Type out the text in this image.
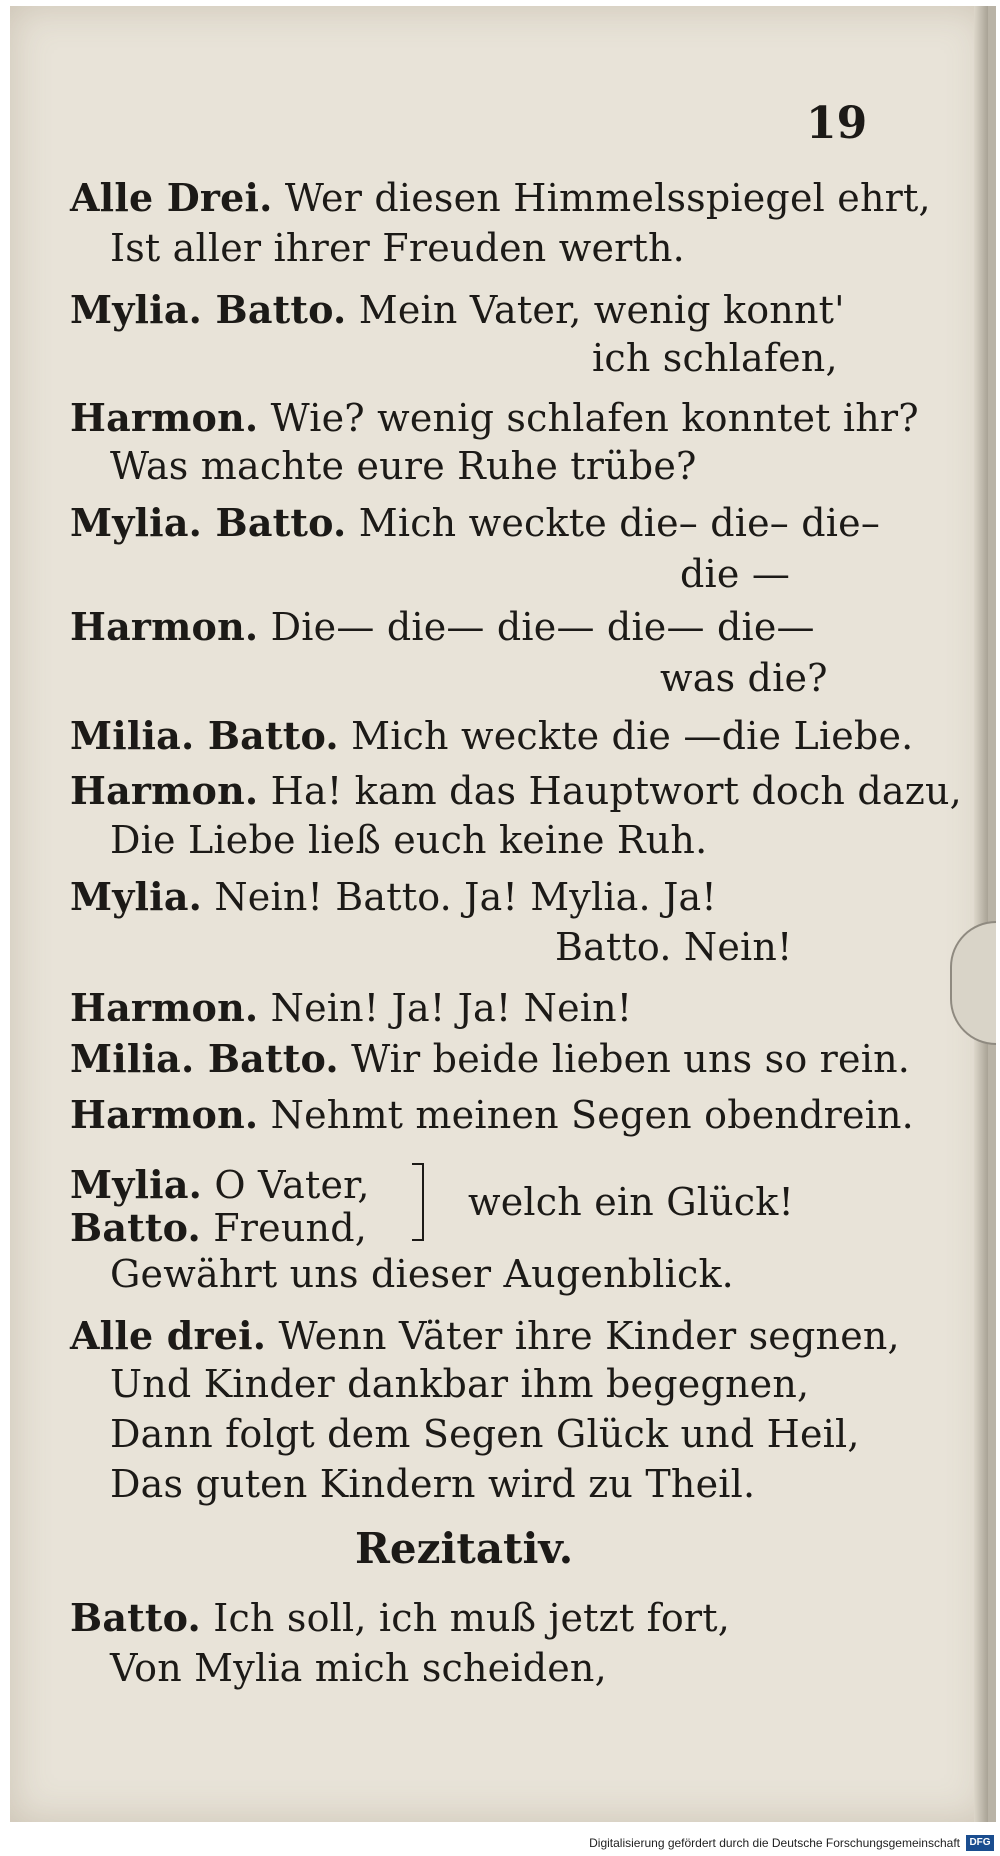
19
Alle Drei. Wer diesen Himmelsspiegel ehrt,
Ist aller ihrer Freuden werth.
Mylia. Batto. Mein Vater, wenig konnt'
ich schlafen,
Harmon. Wie? wenig schlafen konntet ihr?
Was machte eure Ruhe trübe?
Mylia. Batto. Mich weckte die– die– die–
die —
Harmon. Die— die— die— die— die—
was die?
Milia. Batto. Mich weckte die —die Liebe.
Harmon. Ha! kam das Hauptwort doch dazu,
Die Liebe ließ euch keine Ruh.
Mylia. Nein! Batto. Ja! Mylia. Ja!
Batto. Nein!
Harmon. Nein! Ja! Ja! Nein!
Milia. Batto. Wir beide lieben uns so rein.
Harmon. Nehmt meinen Segen obendrein.
Mylia. O Vater,
Batto. Freund,
welch ein Glück!
Gewährt uns dieser Augenblick.
Alle drei. Wenn Väter ihre Kinder segnen,
Und Kinder dankbar ihm begegnen,
Dann folgt dem Segen Glück und Heil,
Das guten Kindern wird zu Theil.
Rezitativ.
Batto. Ich soll, ich muß jetzt fort,
Von Mylia mich scheiden,
Digitalisierung gefördert durch die Deutsche Forschungsgemeinschaft DFG
